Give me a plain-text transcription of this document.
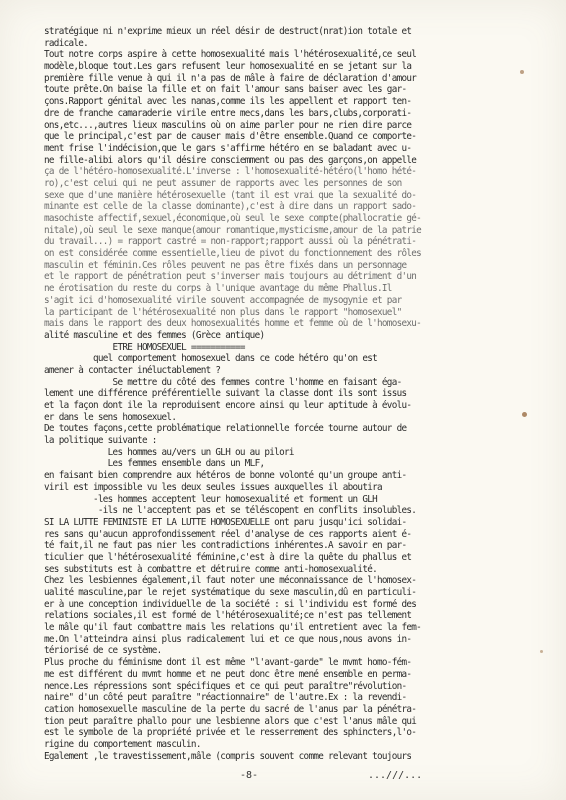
stratégique ni n'exprime mieux un réel désir de destruct(nrat)ion totale et
radicale.
Tout notre corps aspire à cette homosexualité mais l'hétérosexualité,ce seul
modèle,bloque tout.Les gars refusent leur homosexualité en se jetant sur la
première fille venue à qui il n'a pas de mâle à faire de déclaration d'amour
toute prête.On baise la fille et on fait l'amour sans baiser avec les gar-
çons.Rapport génital avec les nanas,comme ils les appellent et rapport ten-
dre de franche camaraderie virile entre mecs,dans les bars,clubs,corporati-
ons,etc...,autres lieux masculins où on aime parler pour ne rien dire parce
que le principal,c'est par de causer mais d'être ensemble.Quand ce comporte-
ment frise l'indécision,que le gars s'affirme hétéro en se baladant avec u-
ne fille-alibi alors qu'il désire consciemment ou pas des garçons,on appelle
ça de l'hétéro-homosexualité.L'inverse : l'homosexualité-hétéro(l'homo hété-
ro),c'est celui qui ne peut assumer de rapports avec les personnes de son
sexe que d'une manière hétérosexuelle (tant il est vrai que la sexualité do-
minante est celle de la classe dominante),c'est à dire dans un rapport sado-
masochiste affectif,sexuel,économique,où seul le sexe compte(phallocratie gé-
nitale),où seul le sexe manque(amour romantique,mysticisme,amour de la patrie
du travail...) = rapport castré = non-rapport;rapport aussi où la pénétrati-
on est considérée comme essentielle,lieu de pivot du fonctionnement des rôles
masculin et féminin.Ces rôles peuvent ne pas être fixés dans un personnage
et le rapport de pénétration peut s'inverser mais toujours au détriment d'un
ne érotisation du reste du corps à l'unique avantage du même Phallus.Il
s'agit ici d'homosexualité virile souvent accompagnée de mysogynie et par
la participant de l'hétérosexualité non plus dans le rapport "homosexuel"
mais dans le rapport des deux homosexualités homme et femme où de l'homosexu-
alité masculine et des femmes (Grèce antique)
ETRE HOMOSEXUEL ===========
quel comportement homosexuel dans ce code hétéro qu'on est
amener à contacter inéluctablement ?
Se mettre du côté des femmes contre l'homme en faisant éga-
lement une différence préférentielle suivant la classe dont ils sont issus
et la façon dont ile la reproduisent encore ainsi qu leur aptitude à évolu-
er dans le sens homosexuel.
De toutes façons,cette problématique relationnelle forcée tourne autour de
la politique suivante :
Les hommes au/vers un GLH ou au pilori
Les femmes ensemble dans un MLF,
en faisant bien comprendre aux hétéros de bonne volonté qu'un groupe anti-
viril est impossible vu les deux seules issues auxquelles il aboutira
-les hommes acceptent leur homosexualité et forment un GLH
-ils ne l'acceptent pas et se téléscopent en conflits insolubles.
SI LA LUTTE FEMINISTE ET LA LUTTE HOMOSEXUELLE ont paru jusqu'ici solidai-
res sans qu'aucun approfondissement réel d'analyse de ces rapports aient é-
té fait,il ne faut pas nier les contradictions inhérentes.A savoir en par-
ticulier que l'hétérosexualité féminine,c'est à dire la quête du phallus et
ses substituts est à combattre et détruire comme anti-homosexualité.
Chez les lesbiennes également,il faut noter une méconnaissance de l'homosex-
ualité masculine,par le rejet systématique du sexe masculin,dû en particuli-
er à une conception individuelle de la société : si l'individu est formé des
relations sociales,il est formé de l'hétérosexualité;ce n'est pas tellement
le mâle qu'il faut combattre mais les relations qu'il entretient avec la fem-
me.On l'atteindra ainsi plus radicalement lui et ce que nous,nous avons in-
tériorisé de ce système.
Plus proche du féminisme dont il est même "l'avant-garde" le mvmt homo-fém-
me est différent du mvmt homme et ne peut donc être mené ensemble en perma-
nence.Les répressions sont spécifiques et ce qui peut paraître"révolution-
naire" d'un côté peut paraître "réactionnaire" de l'autre.Ex : la revendi-
cation homosexuelle masculine de la perte du sacré de l'anus par la pénétra-
tion peut paraître phallo pour une lesbienne alors que c'est l'anus mâle qui
est le symbole de la propriété privée et le resserrement des sphincters,l'o-
rigine du comportement masculin.
Egalement ,le travestissement,mâle (compris souvent comme relevant toujours
-8-	...///...
